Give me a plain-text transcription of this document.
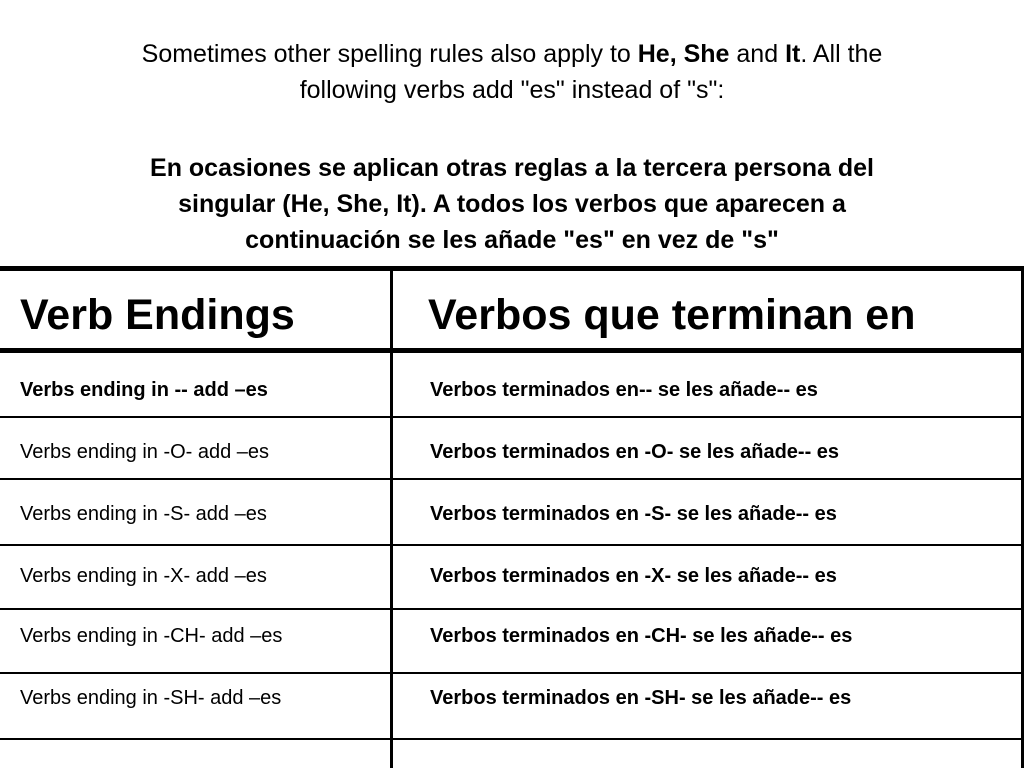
Sometimes other spelling rules also apply to He, She and It. All the
following verbs add "es" instead of "s":
En ocasiones se aplican otras reglas a la tercera persona del
singular (He, She, It). A todos los verbos que aparecen a
continuación se les añade "es" en vez de "s"
Verb Endings	Verbos que terminan en
Verbs ending in -- add –es	Verbos terminados en-- se les añade-- es
Verbs ending in -O- add –es	Verbos terminados en -O- se les añade-- es
Verbs ending in -S- add –es	Verbos terminados en -S- se les añade-- es
Verbs ending in -X- add –es	Verbos terminados en -X- se les añade-- es
Verbs ending in -CH- add –es	Verbos terminados en -CH- se les añade-- es
Verbs ending in -SH- add –es	Verbos terminados en -SH- se les añade-- es
